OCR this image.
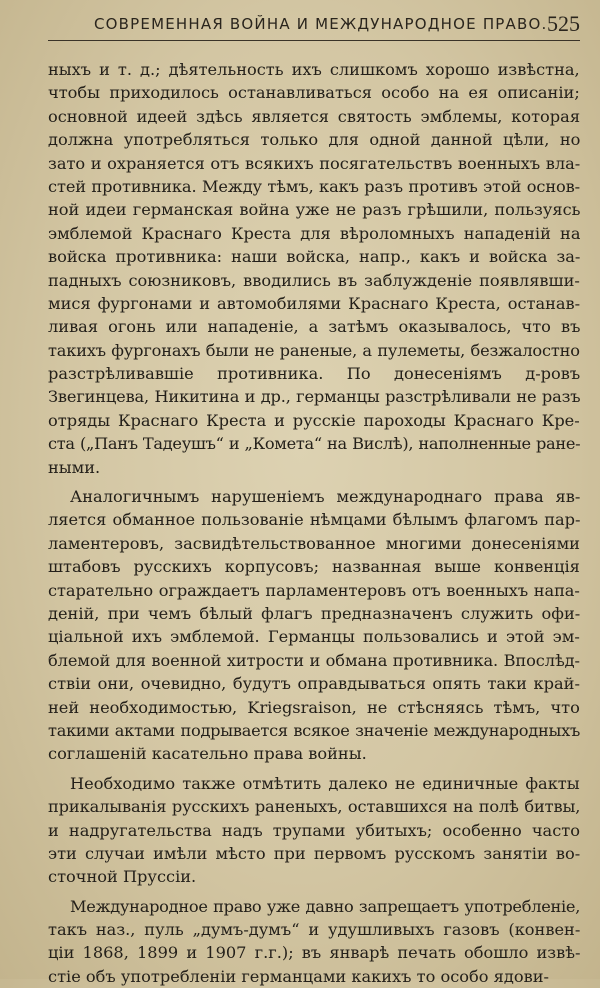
СОВРЕМЕННАЯ ВОЙНА И МЕЖДУНАРОДНОЕ ПРАВО. 525
ныхъ и т. д.; дѣятельность ихъ слишкомъ хорошо извѣстна,
чтобы приходилось останавливаться особо на ея описаніи;
основной идеей здѣсь является святость эмблемы, которая
должна употребляться только для одной данной цѣли, но
зато и охраняется отъ всякихъ посягательствъ военныхъ вла-
стей противника. Между тѣмъ, какъ разъ противъ этой основ-
ной идеи германская война уже не разъ грѣшили, пользуясь
эмблемой Краснаго Креста для вѣроломныхъ нападеній на
войска противника: наши войска, напр., какъ и войска за-
падныхъ союзниковъ, вводились въ заблужденіе появлявши-
мися фургонами и автомобилями Краснаго Креста, останав-
ливая огонь или нападеніе, а затѣмъ оказывалось, что въ
такихъ фургонахъ были не раненые, а пулеметы, безжалостно
разстрѣливавшіе противника. По донесеніямъ д-ровъ
Звегинцева, Никитина и др., германцы разстрѣливали не разъ
отряды Краснаго Креста и русскіе пароходы Краснаго Кре-
ста („Панъ Тадеушъ“ и „Комета“ на Вислѣ), наполненные ране-
ными.
Аналогичнымъ нарушеніемъ международнаго права яв-
ляется обманное пользованіе нѣмцами бѣлымъ флагомъ пар-
ламентеровъ, засвидѣтельствованное многими донесеніями
штабовъ русскихъ корпусовъ; названная выше конвенція
старательно ограждаетъ парламентеровъ отъ военныхъ напа-
деній, при чемъ бѣлый флагъ предназначенъ служить офи-
ціальной ихъ эмблемой. Германцы пользовались и этой эм-
блемой для военной хитрости и обмана противника. Впослѣд-
ствіи они, очевидно, будутъ оправдываться опять таки край-
ней необходимостью, Kriegsraison, не стѣсняясь тѣмъ, что
такими актами подрывается всякое значеніе международныхъ
соглашеній касательно права войны.
Необходимо также отмѣтить далеко не единичные факты
прикалыванія русскихъ раненыхъ, оставшихся на полѣ битвы,
и надругательства надъ трупами убитыхъ; особенно часто
эти случаи имѣли мѣсто при первомъ русскомъ занятіи во-
сточной Пруссіи.
Международное право уже давно запрещаетъ употребленіе,
такъ наз., пуль „думъ-думъ“ и удушливыхъ газовъ (конвен-
ціи 1868, 1899 и 1907 г.г.); въ январѣ печать обошло извѣ-
стіе объ употребленіи германцами какихъ то особо ядови-
